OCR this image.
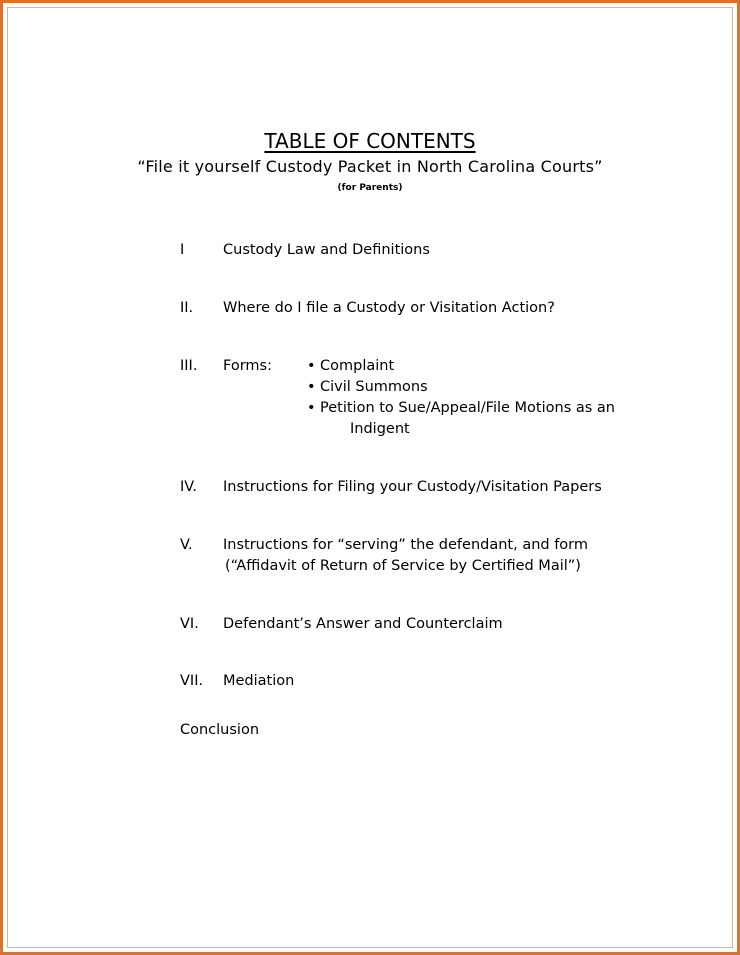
TABLE OF CONTENTS
“File it yourself Custody Packet in North Carolina Courts”
(for Parents)
I	Custody Law and Definitions
II. Where do I file a Custody or Visitation Action?
III. Forms: • Complaint
• Civil Summons
• Petition to Sue/Appeal/File Motions as an
Indigent
IV. Instructions for Filing your Custody/Visitation Papers
V. Instructions for “serving” the defendant, and form
(“Affidavit of Return of Service by Certified Mail”)
VI. Defendant’s Answer and Counterclaim
VII. Mediation
Conclusion
